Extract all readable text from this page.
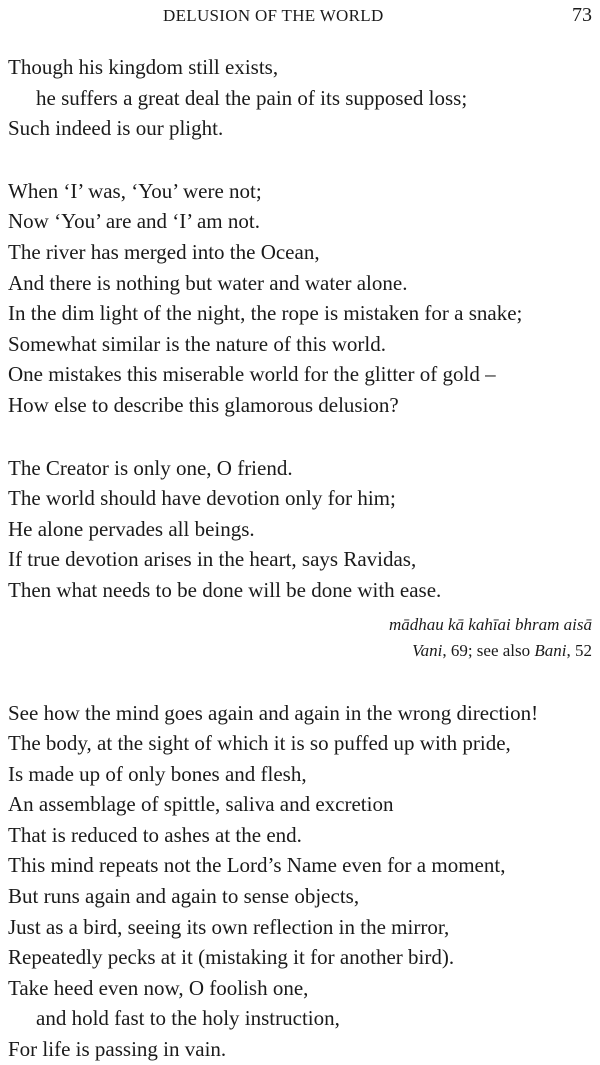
DELUSION OF THE WORLD	73
Though his kingdom still exists,
he suffers a great deal the pain of its supposed loss;
Such indeed is our plight.
When ‘I’ was, ‘You’ were not;
Now ‘You’ are and ‘I’ am not.
The river has merged into the Ocean,
And there is nothing but water and water alone.
In the dim light of the night, the rope is mistaken for a snake;
Somewhat similar is the nature of this world.
One mistakes this miserable world for the glitter of gold –
How else to describe this glamorous delusion?
The Creator is only one, O friend.
The world should have devotion only for him;
He alone pervades all beings.
If true devotion arises in the heart, says Ravidas,
Then what needs to be done will be done with ease.
mādhau kā kahīai bhram aisā
Vani, 69; see also Bani, 52
See how the mind goes again and again in the wrong direction!
The body, at the sight of which it is so puffed up with pride,
Is made up of only bones and flesh,
An assemblage of spittle, saliva and excretion
That is reduced to ashes at the end.
This mind repeats not the Lord’s Name even for a moment,
But runs again and again to sense objects,
Just as a bird, seeing its own reflection in the mirror,
Repeatedly pecks at it (mistaking it for another bird).
Take heed even now, O foolish one,
and hold fast to the holy instruction,
For life is passing in vain.
